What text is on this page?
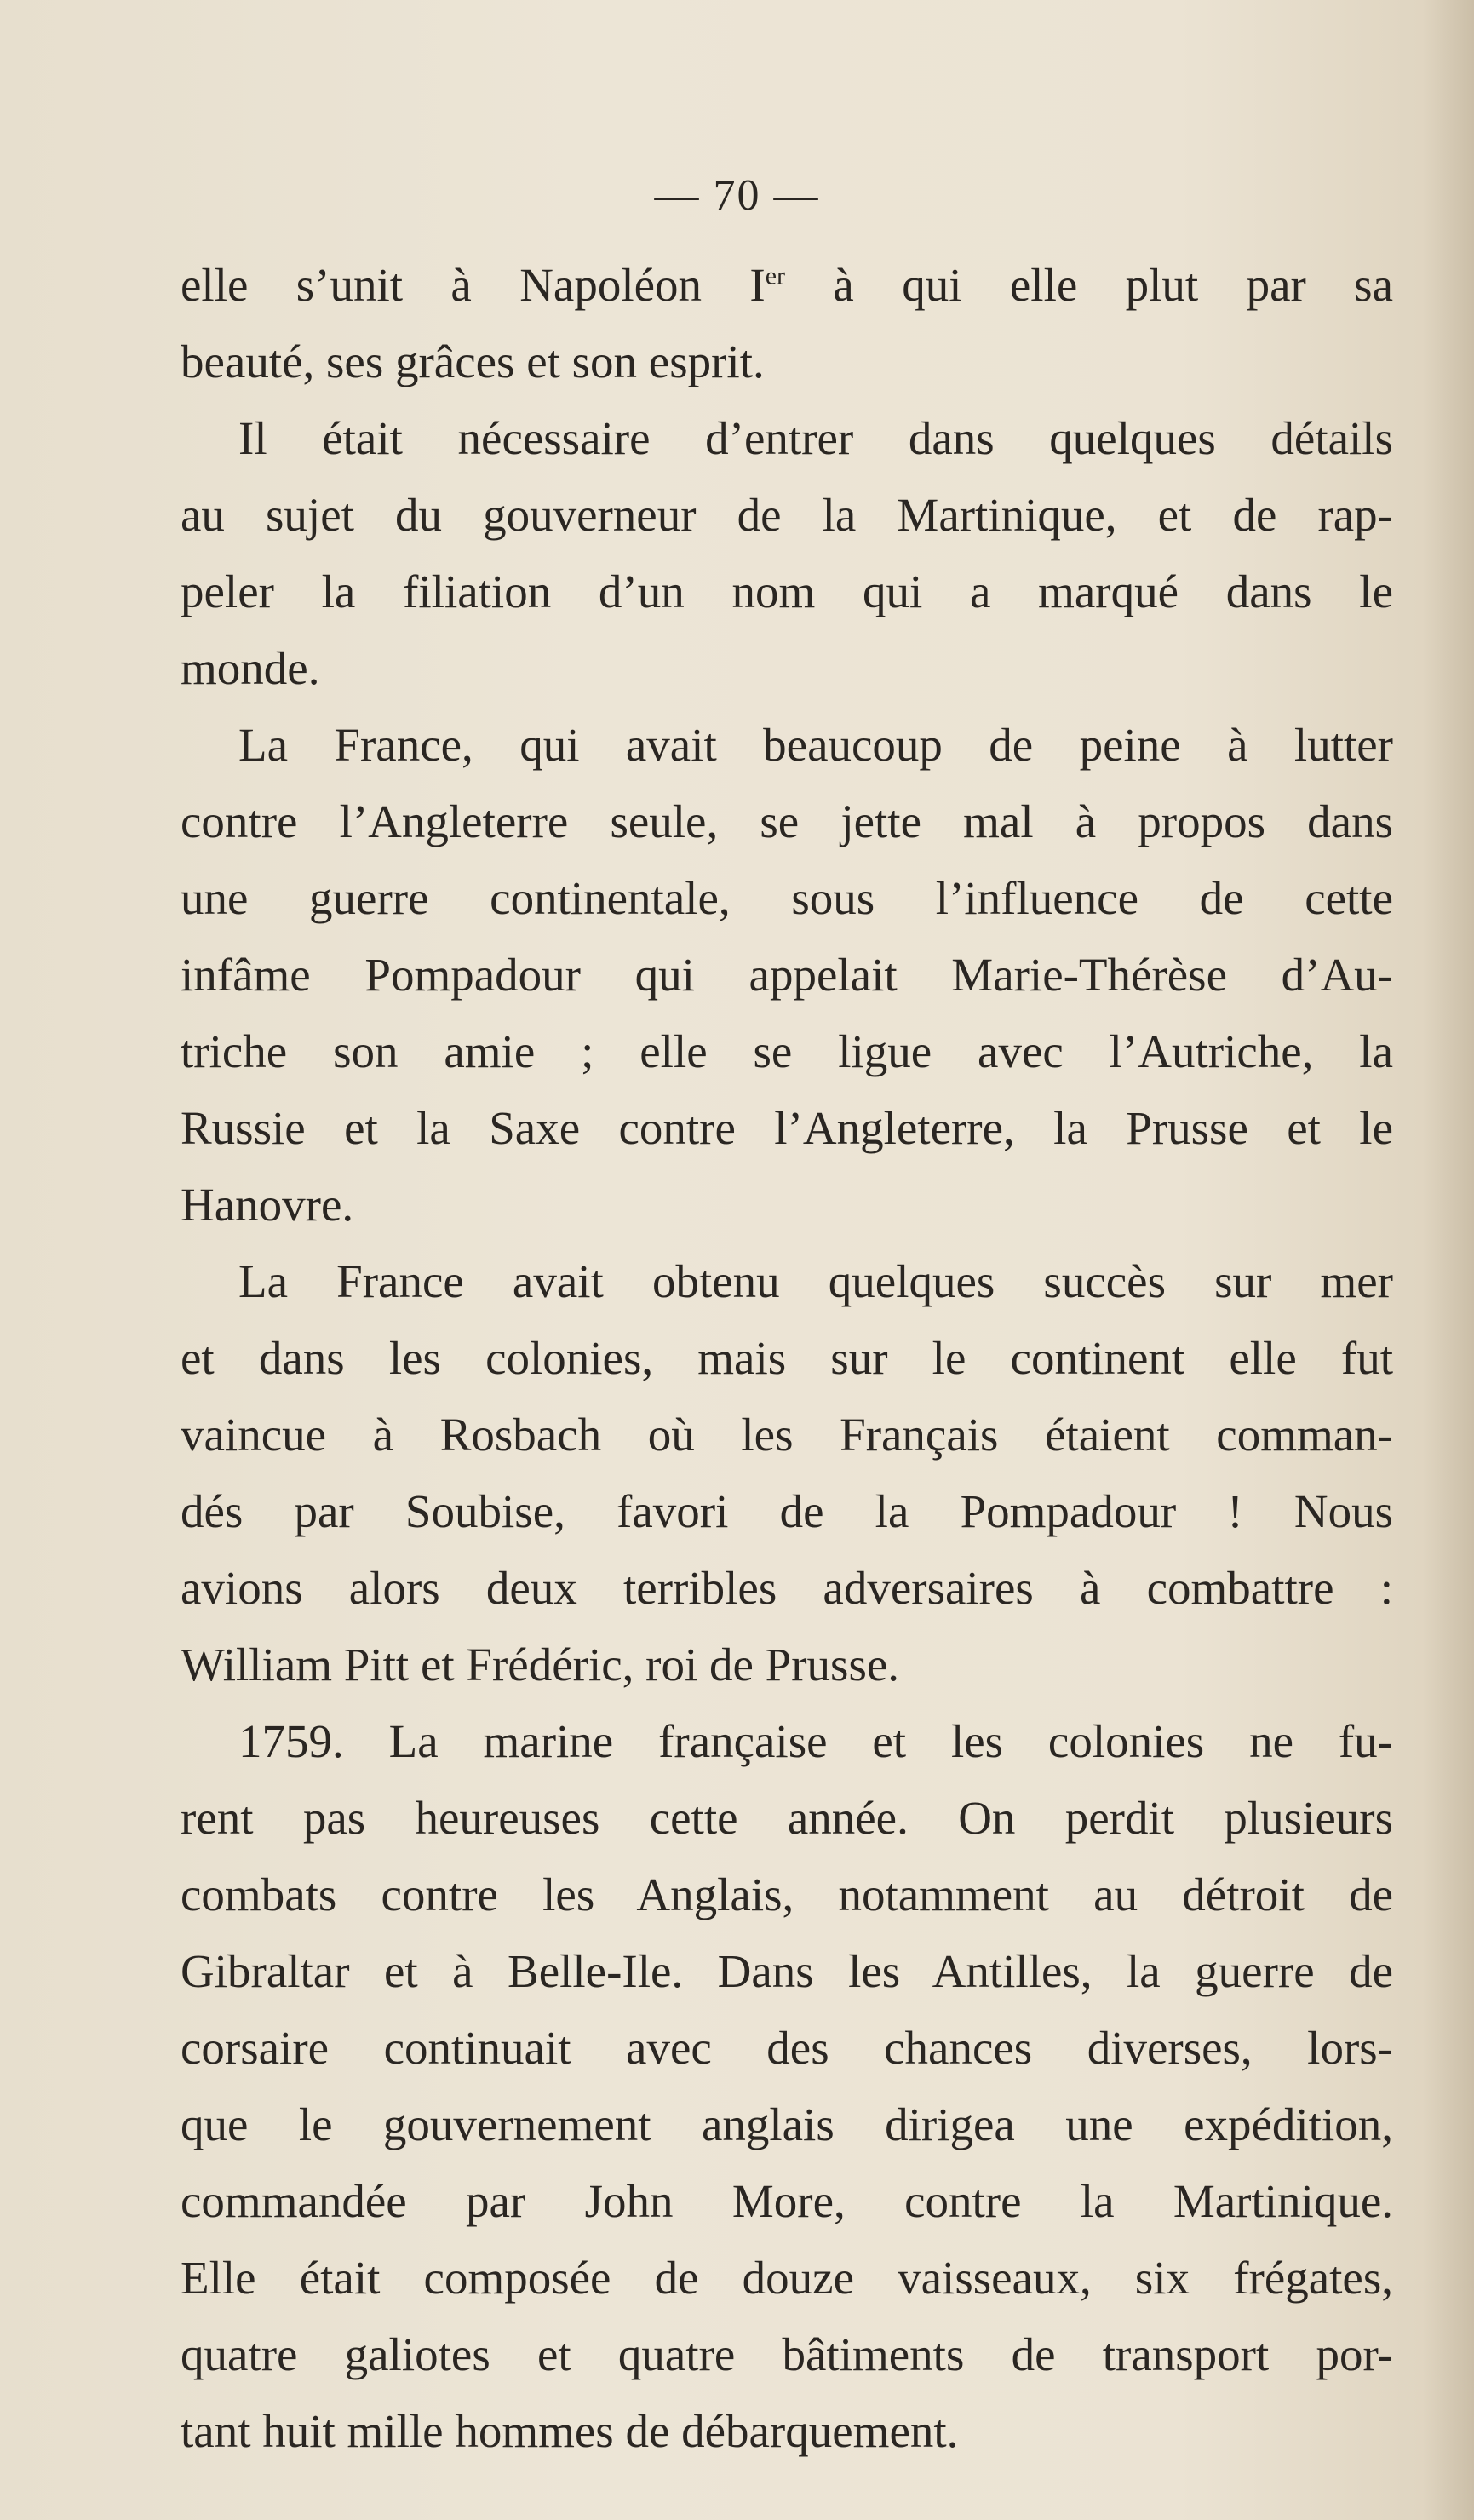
— 70 —
elle s’unit à Napoléon Ier à qui elle plut par sa
beauté, ses grâces et son esprit.
Il était nécessaire d’entrer dans quelques détails
au sujet du gouverneur de la Martinique, et de rap-
peler la filiation d’un nom qui a marqué dans le
monde.
La France, qui avait beaucoup de peine à lutter
contre l’Angleterre seule, se jette mal à propos dans
une guerre continentale, sous l’influence de cette
infâme Pompadour qui appelait Marie-Thérèse d’Au-
triche son amie ; elle se ligue avec l’Autriche, la
Russie et la Saxe contre l’Angleterre, la Prusse et le
Hanovre.
La France avait obtenu quelques succès sur mer
et dans les colonies, mais sur le continent elle fut
vaincue à Rosbach où les Français étaient comman-
dés par Soubise, favori de la Pompadour ! Nous
avions alors deux terribles adversaires à combattre :
William Pitt et Frédéric, roi de Prusse.
1759. La marine française et les colonies ne fu-
rent pas heureuses cette année. On perdit plusieurs
combats contre les Anglais, notamment au détroit de
Gibraltar et à Belle-Ile. Dans les Antilles, la guerre de
corsaire continuait avec des chances diverses, lors-
que le gouvernement anglais dirigea une expédition,
commandée par John More, contre la Martinique.
Elle était composée de douze vaisseaux, six frégates,
quatre galiotes et quatre bâtiments de transport por-
tant huit mille hommes de débarquement.
